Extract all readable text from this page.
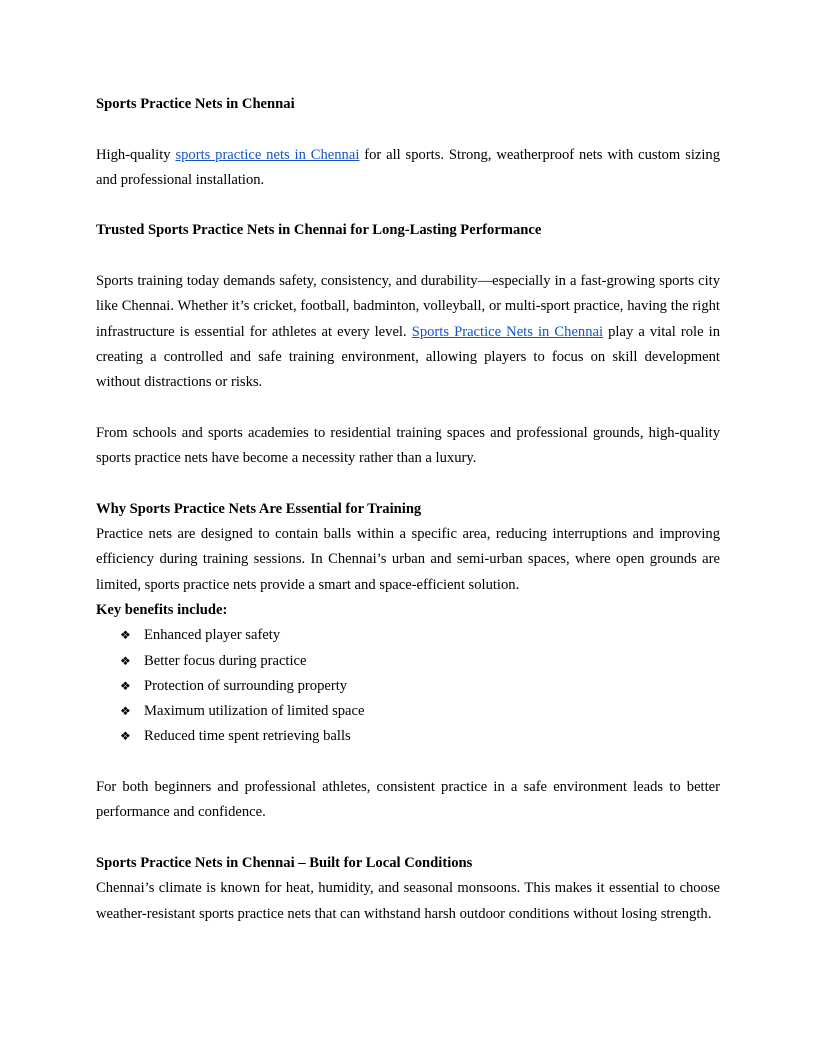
Sports Practice Nets in Chennai

High-quality sports practice nets in Chennai for all sports. Strong, weatherproof nets with custom sizing and professional installation.

Trusted Sports Practice Nets in Chennai for Long-Lasting Performance

Sports training today demands safety, consistency, and durability—especially in a fast-growing sports city like Chennai. Whether it’s cricket, football, badminton, volleyball, or multi-sport practice, having the right infrastructure is essential for athletes at every level. Sports Practice Nets in Chennai play a vital role in creating a controlled and safe training environment, allowing players to focus on skill development without distractions or risks.

From schools and sports academies to residential training spaces and professional grounds, high-quality sports practice nets have become a necessity rather than a luxury.

Why Sports Practice Nets Are Essential for Training

Practice nets are designed to contain balls within a specific area, reducing interruptions and improving efficiency during training sessions. In Chennai’s urban and semi-urban spaces, where open grounds are limited, sports practice nets provide a smart and space-efficient solution.

Key benefits include:

❖ Enhanced player safety
❖ Better focus during practice
❖ Protection of surrounding property
❖ Maximum utilization of limited space
❖ Reduced time spent retrieving balls

For both beginners and professional athletes, consistent practice in a safe environment leads to better performance and confidence.

Sports Practice Nets in Chennai – Built for Local Conditions

Chennai’s climate is known for heat, humidity, and seasonal monsoons. This makes it essential to choose weather-resistant sports practice nets that can withstand harsh outdoor conditions without losing strength.
